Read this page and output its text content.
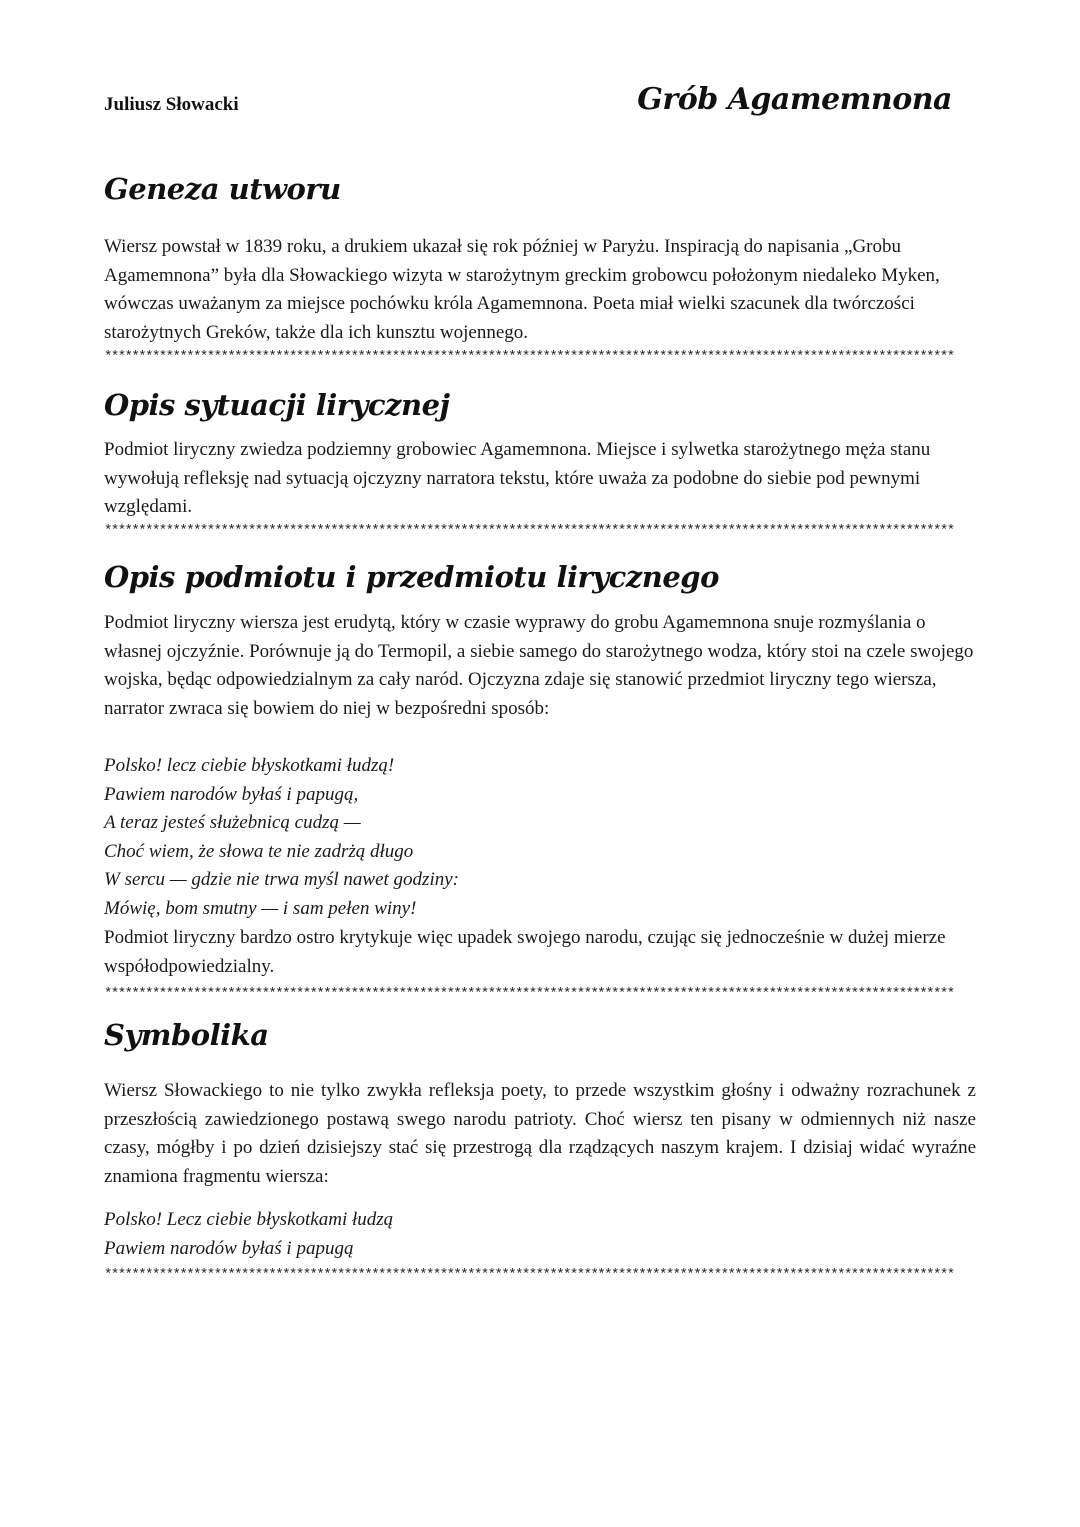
Juliusz Słowacki	Grób Agamemnona
Geneza utworu

Wiersz powstał w 1839 roku, a drukiem ukazał się rok później w Paryżu. Inspiracją do napisania „Grobu Agamemnona” była dla Słowackiego wizyta w starożytnym greckim grobowcu położonym niedaleko Myken, wówczas uważanym za miejsce pochówku króla Agamemnona. Poeta miał wielki szacunek dla twórczości starożytnych Greków, także dla ich kunsztu wojennego.

****************************************************************************************************************************
Opis sytuacji lirycznej

Podmiot liryczny zwiedza podziemny grobowiec Agamemnona. Miejsce i sylwetka starożytnego męża stanu wywołują refleksję nad sytuacją ojczyzny narratora tekstu, które uważa za podobne do siebie pod pewnymi względami.

****************************************************************************************************************************
Opis podmiotu i przedmiotu lirycznego

Podmiot liryczny wiersza jest erudytą, który w czasie wyprawy do grobu Agamemnona snuje rozmyślania o własnej ojczyźnie. Porównuje ją do Termopil, a siebie samego do starożytnego wodza, który stoi na czele swojego wojska, będąc odpowiedzialnym za cały naród. Ojczyzna zdaje się stanowić przedmiot liryczny tego wiersza, narrator zwraca się bowiem do niej w bezpośredni sposób:

Polsko! lecz ciebie błyskotkami łudzą!
Pawiem narodów byłaś i papugą,
A teraz jesteś służebnicą cudzą —
Choć wiem, że słowa te nie zadrżą długo
W sercu — gdzie nie trwa myśl nawet godziny:
Mówię, bom smutny — i sam pełen winy!

Podmiot liryczny bardzo ostro krytykuje więc upadek swojego narodu, czując się jednocześnie w dużej mierze współodpowiedzialny.

****************************************************************************************************************************
Symbolika

Wiersz Słowackiego to nie tylko zwykła refleksja poety, to przede wszystkim głośny i odważny rozrachunek z przeszłością zawiedzionego postawą swego narodu patrioty. Choć wiersz ten pisany w odmiennych niż nasze czasy, mógłby i po dzień dzisiejszy stać się przestrogą dla rządzących naszym krajem. I dzisiaj widać wyraźne znamiona fragmentu wiersza:

Polsko! Lecz ciebie błyskotkami łudzą
Pawiem narodów byłaś i papugą
****************************************************************************************************************************
